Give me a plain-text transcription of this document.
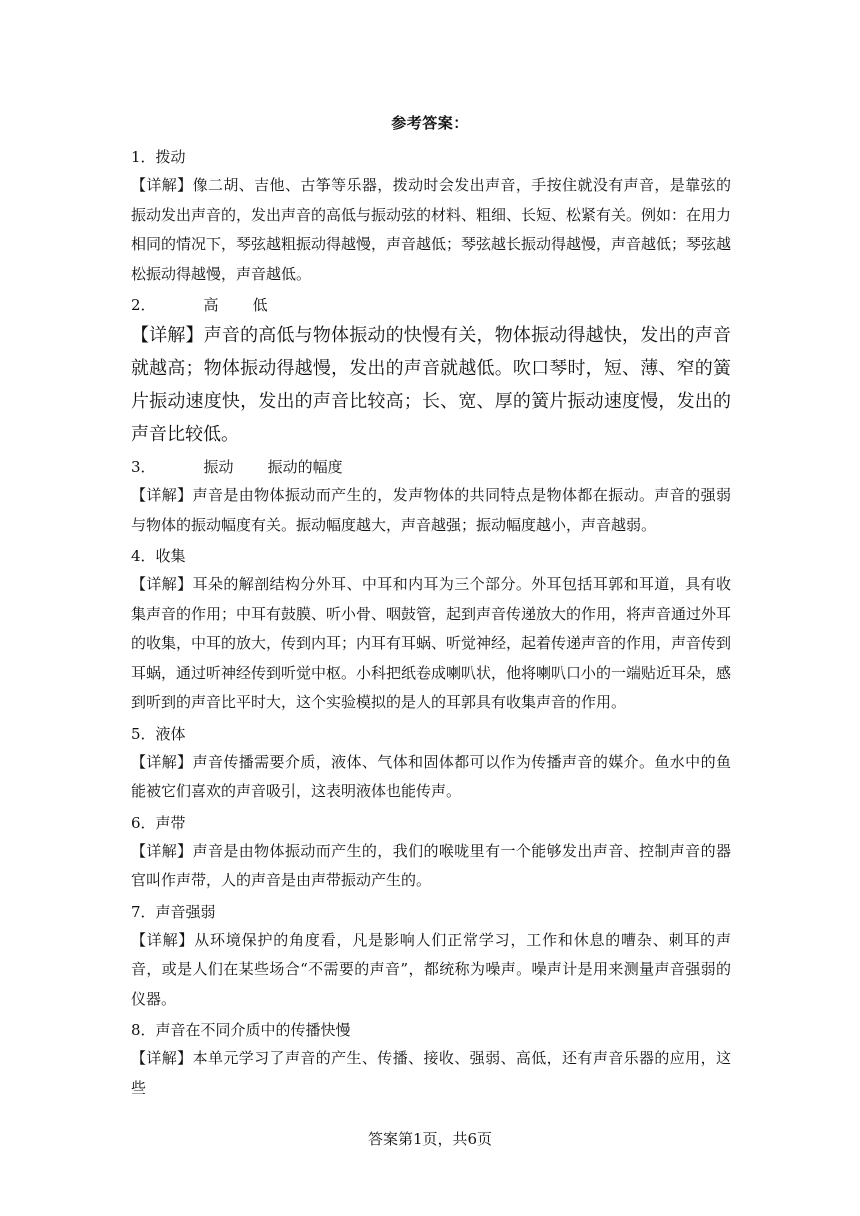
参考答案：

1．拨动

【详解】像二胡、吉他、古筝等乐器，拨动时会发出声音，手按住就没有声音，是靠弦的振动发出声音的，发出声音的高低与振动弦的材料、粗细、长短、松紧有关。例如：在用力相同的情况下，琴弦越粗振动得越慢，声音越低；琴弦越长振动得越慢，声音越低；琴弦越松振动得越慢，声音越低。

2．	高 低

【详解】声音的高低与物体振动的快慢有关，物体振动得越快，发出的声音就越高；物体振动得越慢，发出的声音就越低。吹口琴时，短、薄、窄的簧片振动速度快，发出的声音比较高；长、宽、厚的簧片振动速度慢，发出的声音比较低。

3．	振动 振动的幅度

【详解】声音是由物体振动而产生的，发声物体的共同特点是物体都在振动。声音的强弱与物体的振动幅度有关。振动幅度越大，声音越强；振动幅度越小，声音越弱。

4．收集

【详解】耳朵的解剖结构分外耳、中耳和内耳为三个部分。外耳包括耳郭和耳道，具有收集声音的作用；中耳有鼓膜、听小骨、咽鼓管，起到声音传递放大的作用，将声音通过外耳的收集，中耳的放大，传到内耳；内耳有耳蜗、听觉神经，起着传递声音的作用，声音传到耳蜗，通过听神经传到听觉中枢。小科把纸卷成喇叭状，他将喇叭口小的一端贴近耳朵，感到听到的声音比平时大，这个实验模拟的是人的耳郭具有收集声音的作用。

5．液体

【详解】声音传播需要介质，液体、气体和固体都可以作为传播声音的媒介。鱼水中的鱼能被它们喜欢的声音吸引，这表明液体也能传声。

6．声带

【详解】声音是由物体振动而产生的，我们的喉咙里有一个能够发出声音、控制声音的器官叫作声带，人的声音是由声带振动产生的。

7．声音强弱

【详解】从环境保护的角度看，凡是影响人们正常学习，工作和休息的嘈杂、刺耳的声音，或是人们在某些场合“不需要的声音”，都统称为噪声。噪声计是用来测量声音强弱的仪器。

8．声音在不同介质中的传播快慢

【详解】本单元学习了声音的产生、传播、接收、强弱、高低，还有声音乐器的应用，这些

答案第1页，共6页
